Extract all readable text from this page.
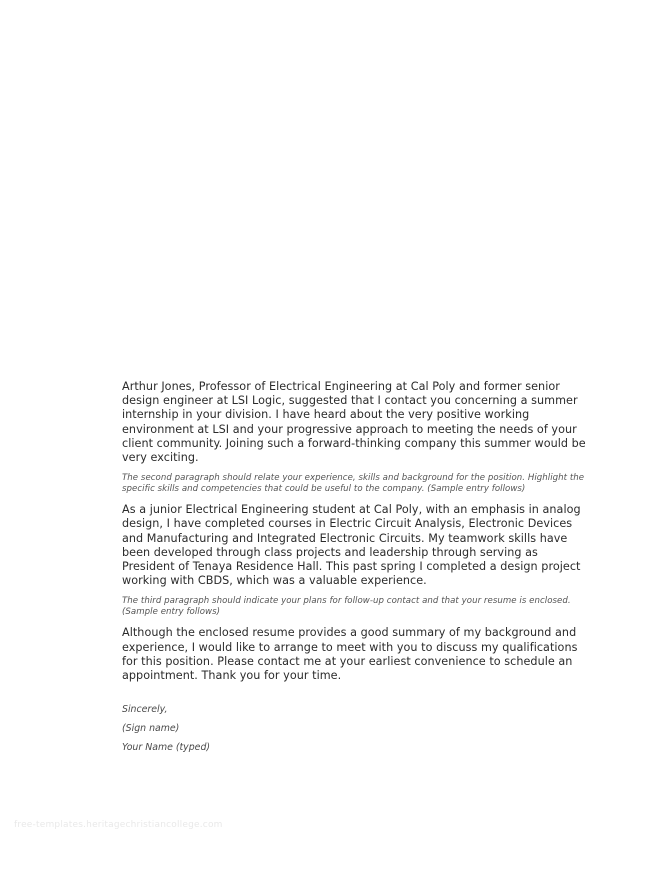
Arthur Jones, Professor of Electrical Engineering at Cal Poly and former senior design engineer at LSI Logic, suggested that I contact you concerning a summer internship in your division. I have heard about the very positive working environment at LSI and your progressive approach to meeting the needs of your client community. Joining such a forward-thinking company this summer would be very exciting.

The second paragraph should relate your experience, skills and background for the position. Highlight the specific skills and competencies that could be useful to the company. (Sample entry follows)

As a junior Electrical Engineering student at Cal Poly, with an emphasis in analog design, I have completed courses in Electric Circuit Analysis, Electronic Devices and Manufacturing and Integrated Electronic Circuits. My teamwork skills have been developed through class projects and leadership through serving as President of Tenaya Residence Hall. This past spring I completed a design project working with CBDS, which was a valuable experience.

The third paragraph should indicate your plans for follow-up contact and that your resume is enclosed. (Sample entry follows)

Although the enclosed resume provides a good summary of my background and experience, I would like to arrange to meet with you to discuss my qualifications for this position. Please contact me at your earliest convenience to schedule an appointment. Thank you for your time.

Sincerely,

(Sign name)

Your Name (typed)

free-templates.heritagechristiancollege.com
